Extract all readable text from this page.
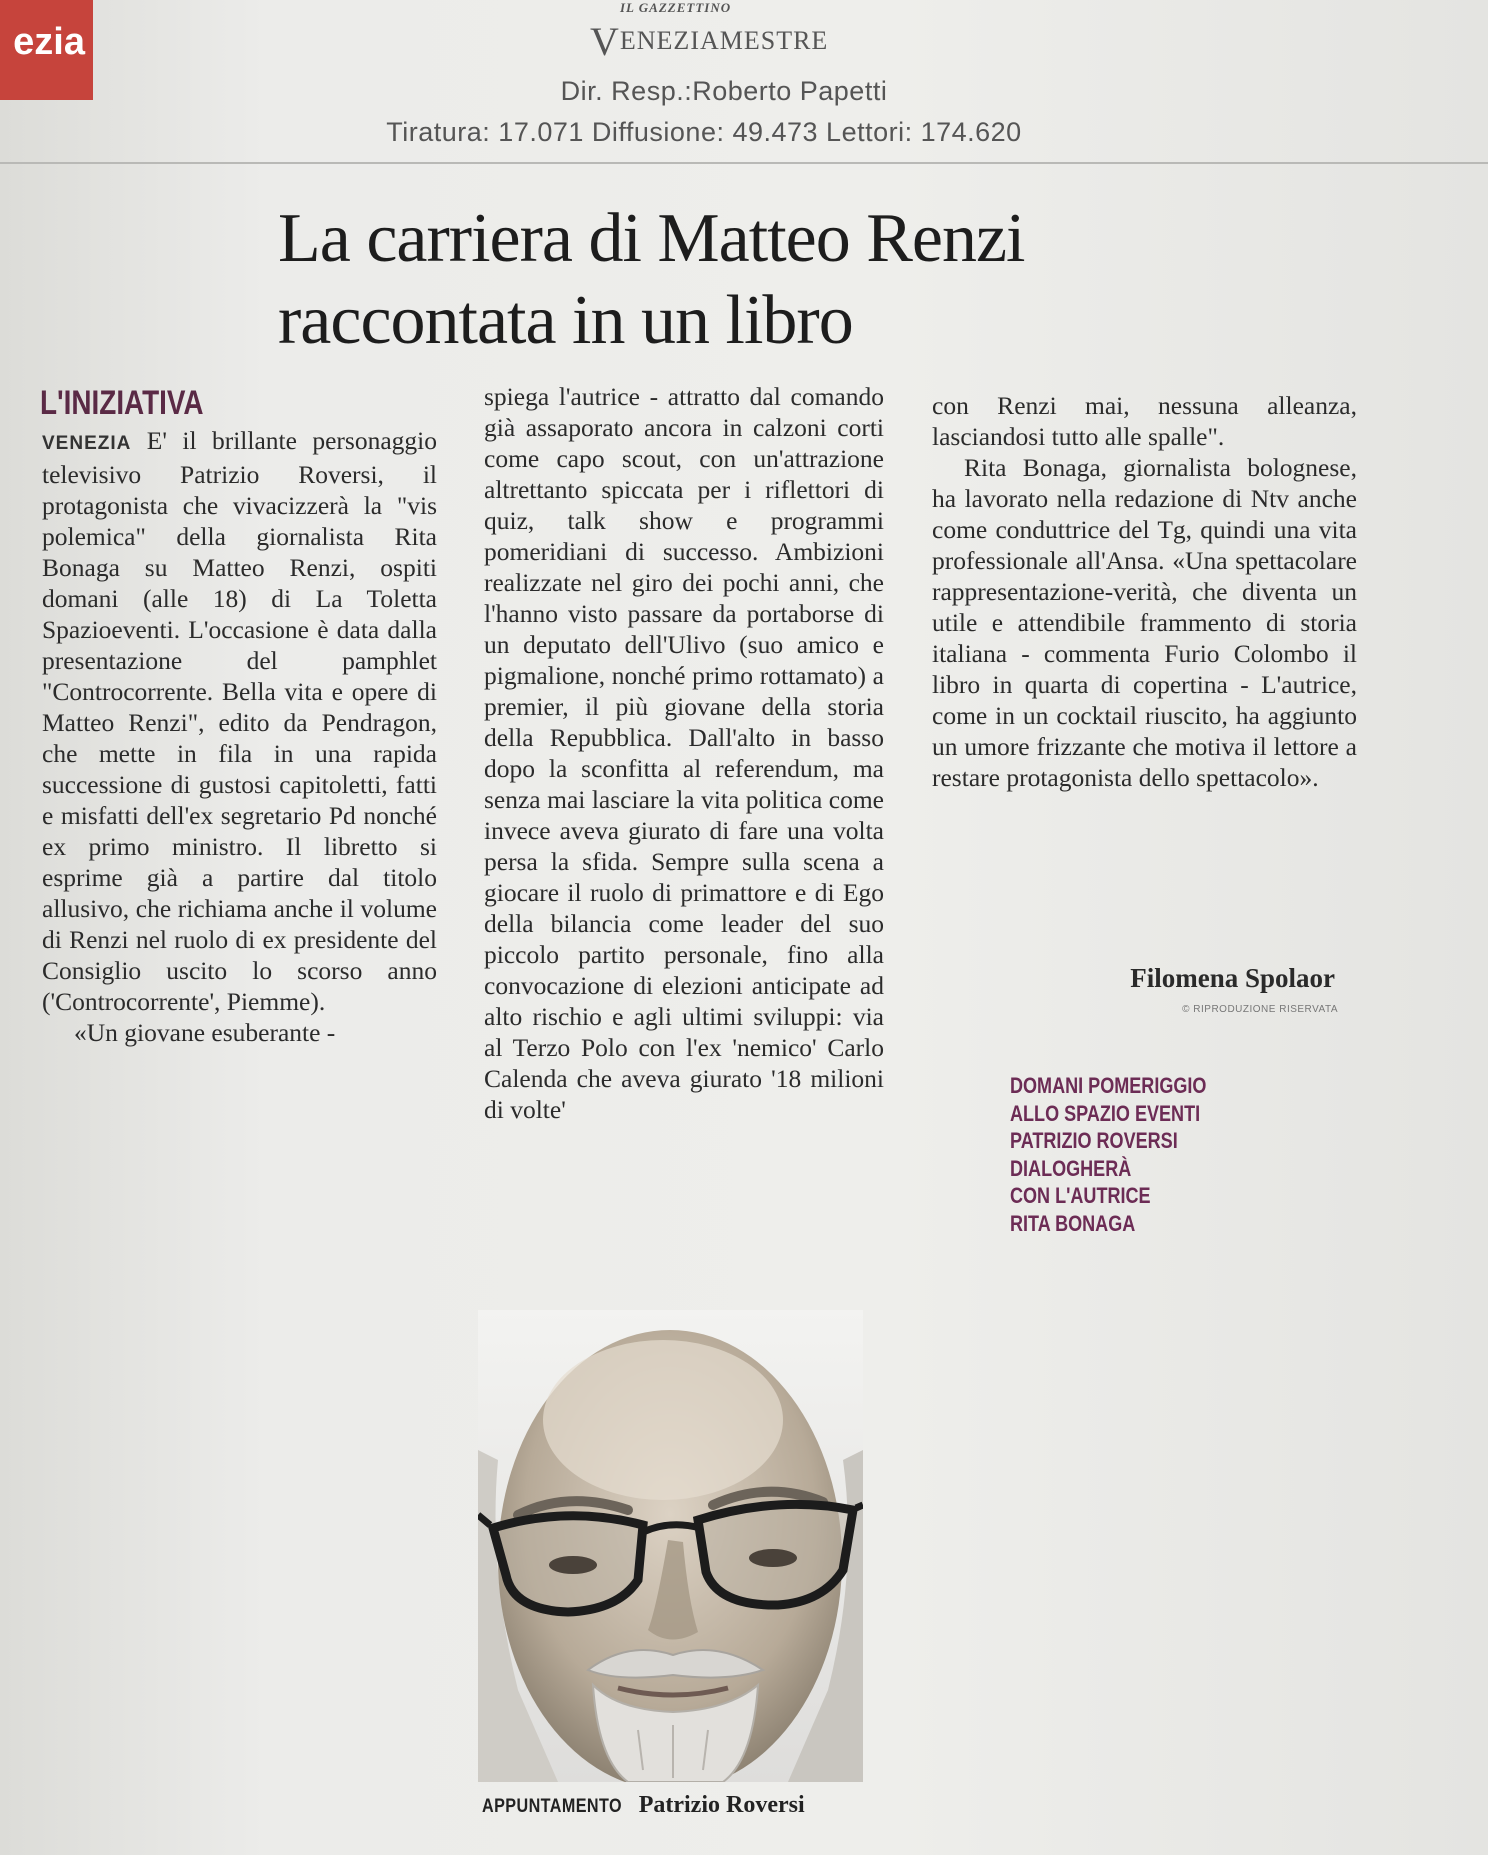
ezia
IL GAZZETTINO
VENEZIAMESTRE
Dir. Resp.:Roberto Papetti
Tiratura: 17.071 Diffusione: 49.473 Lettori: 174.620
La carriera di Matteo Renzi
raccontata in un libro
L'INIZIATIVA

VENEZIA E' il brillante personaggio televisivo Patrizio Roversi, il protagonista che vivacizzerà la "vis polemica" della giornalista Rita Bonaga su Matteo Renzi, ospiti domani (alle 18) di La Toletta Spazioeventi. L'occasione è data dalla presentazione del pamphlet "Controcorrente. Bella vita e opere di Matteo Renzi", edito da Pendragon, che mette in fila in una rapida successione di gustosi capitoletti, fatti e misfatti dell'ex segretario Pd nonché ex primo ministro. Il libretto si esprime già a partire dal titolo allusivo, che richiama anche il volume di Renzi nel ruolo di ex presidente del Consiglio uscito lo scorso anno ('Controcorrente', Piemme).

«Un giovane esuberante -

spiega l'autrice - attratto dal comando già assaporato ancora in calzoni corti come capo scout, con un'attrazione altrettanto spiccata per i riflettori di quiz, talk show e programmi pomeridiani di successo. Ambizioni realizzate nel giro dei pochi anni, che l'hanno visto passare da portaborse di un deputato dell'Ulivo (suo amico e pigmalione, nonché primo rottamato) a premier, il più giovane della storia della Repubblica. Dall'alto in basso dopo la sconfitta al referendum, ma senza mai lasciare la vita politica come invece aveva giurato di fare una volta persa la sfida. Sempre sulla scena a giocare il ruolo di primattore e di Ego della bilancia come leader del suo piccolo partito personale, fino alla convocazione di elezioni anticipate ad alto rischio e agli ultimi sviluppi: via al Terzo Polo con l'ex 'nemico' Carlo Calenda che aveva giurato '18 milioni di volte'

con Renzi mai, nessuna alleanza, lasciandosi tutto alle spalle".

Rita Bonaga, giornalista bolognese, ha lavorato nella redazione di Ntv anche come conduttrice del Tg, quindi una vita professionale all'Ansa. «Una spettacolare rappresentazione-verità, che diventa un utile e attendibile frammento di storia italiana - commenta Furio Colombo il libro in quarta di copertina - L'autrice, come in un cocktail riuscito, ha aggiunto un umore frizzante che motiva il lettore a restare protagonista dello spettacolo».

Filomena Spolaor
© RIPRODUZIONE RISERVATA
DOMANI POMERIGGIO
ALLO SPAZIO EVENTI
PATRIZIO ROVERSI
DIALOGHERÀ
CON L'AUTRICE
RITA BONAGA
APPUNTAMENTO Patrizio Roversi
